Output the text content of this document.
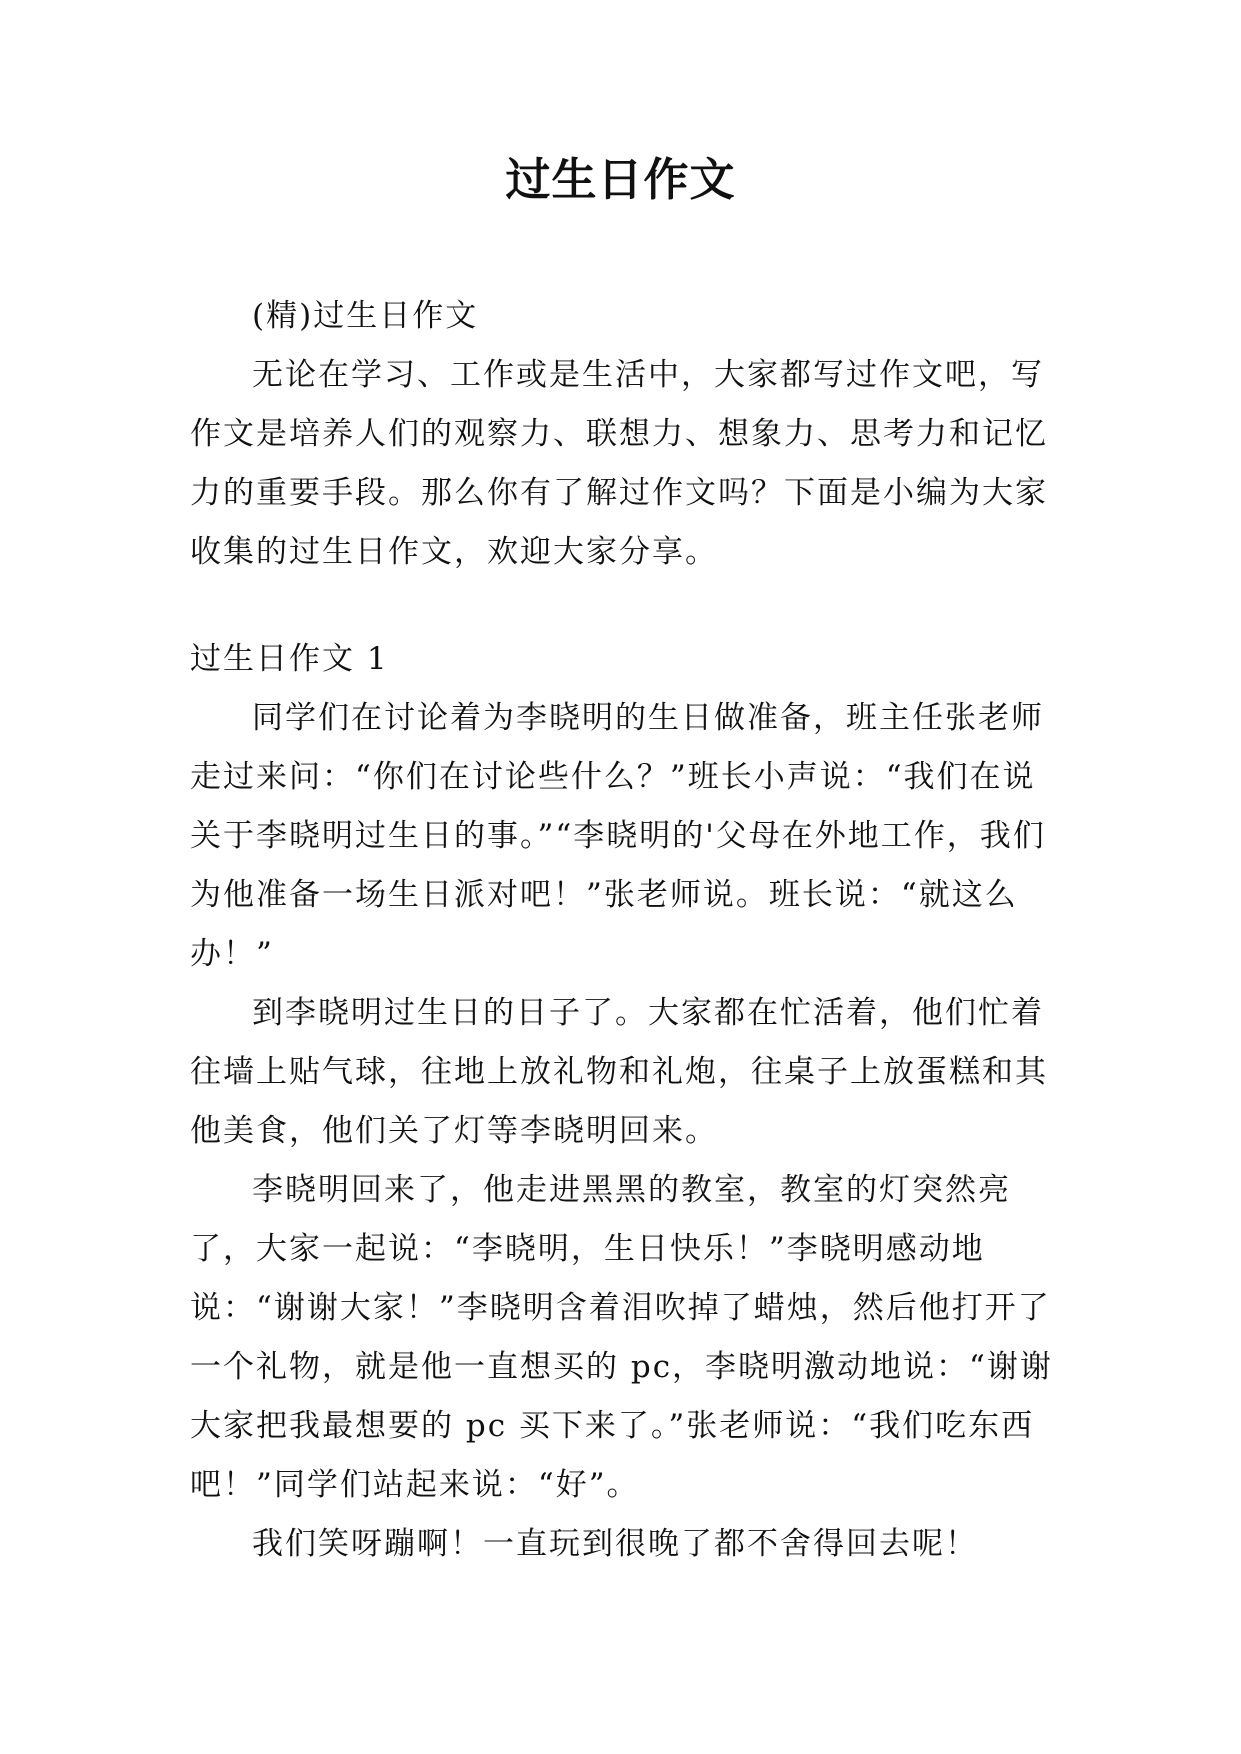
过生日作文

(精)过生日作文

无论在学习、工作或是生活中，大家都写过作文吧，写作文是培养人们的观察力、联想力、想象力、思考力和记忆力的重要手段。那么你有了解过作文吗？下面是小编为大家收集的过生日作文，欢迎大家分享。

过生日作文 1

同学们在讨论着为李晓明的生日做准备，班主任张老师走过来问：“你们在讨论些什么？”班长小声说：“我们在说关于李晓明过生日的事。”“李晓明的'父母在外地工作，我们为他准备一场生日派对吧！”张老师说。班长说：“就这么办！”

到李晓明过生日的日子了。大家都在忙活着，他们忙着往墙上贴气球，往地上放礼物和礼炮，往桌子上放蛋糕和其他美食，他们关了灯等李晓明回来。

李晓明回来了，他走进黑黑的教室，教室的灯突然亮了，大家一起说：“李晓明，生日快乐！”李晓明感动地说：“谢谢大家！”李晓明含着泪吹掉了蜡烛，然后他打开了一个礼物，就是他一直想买的 pc，李晓明激动地说：“谢谢大家把我最想要的 pc 买下来了。”张老师说：“我们吃东西吧！”同学们站起来说：“好”。

我们笑呀蹦啊！一直玩到很晚了都不舍得回去呢！
